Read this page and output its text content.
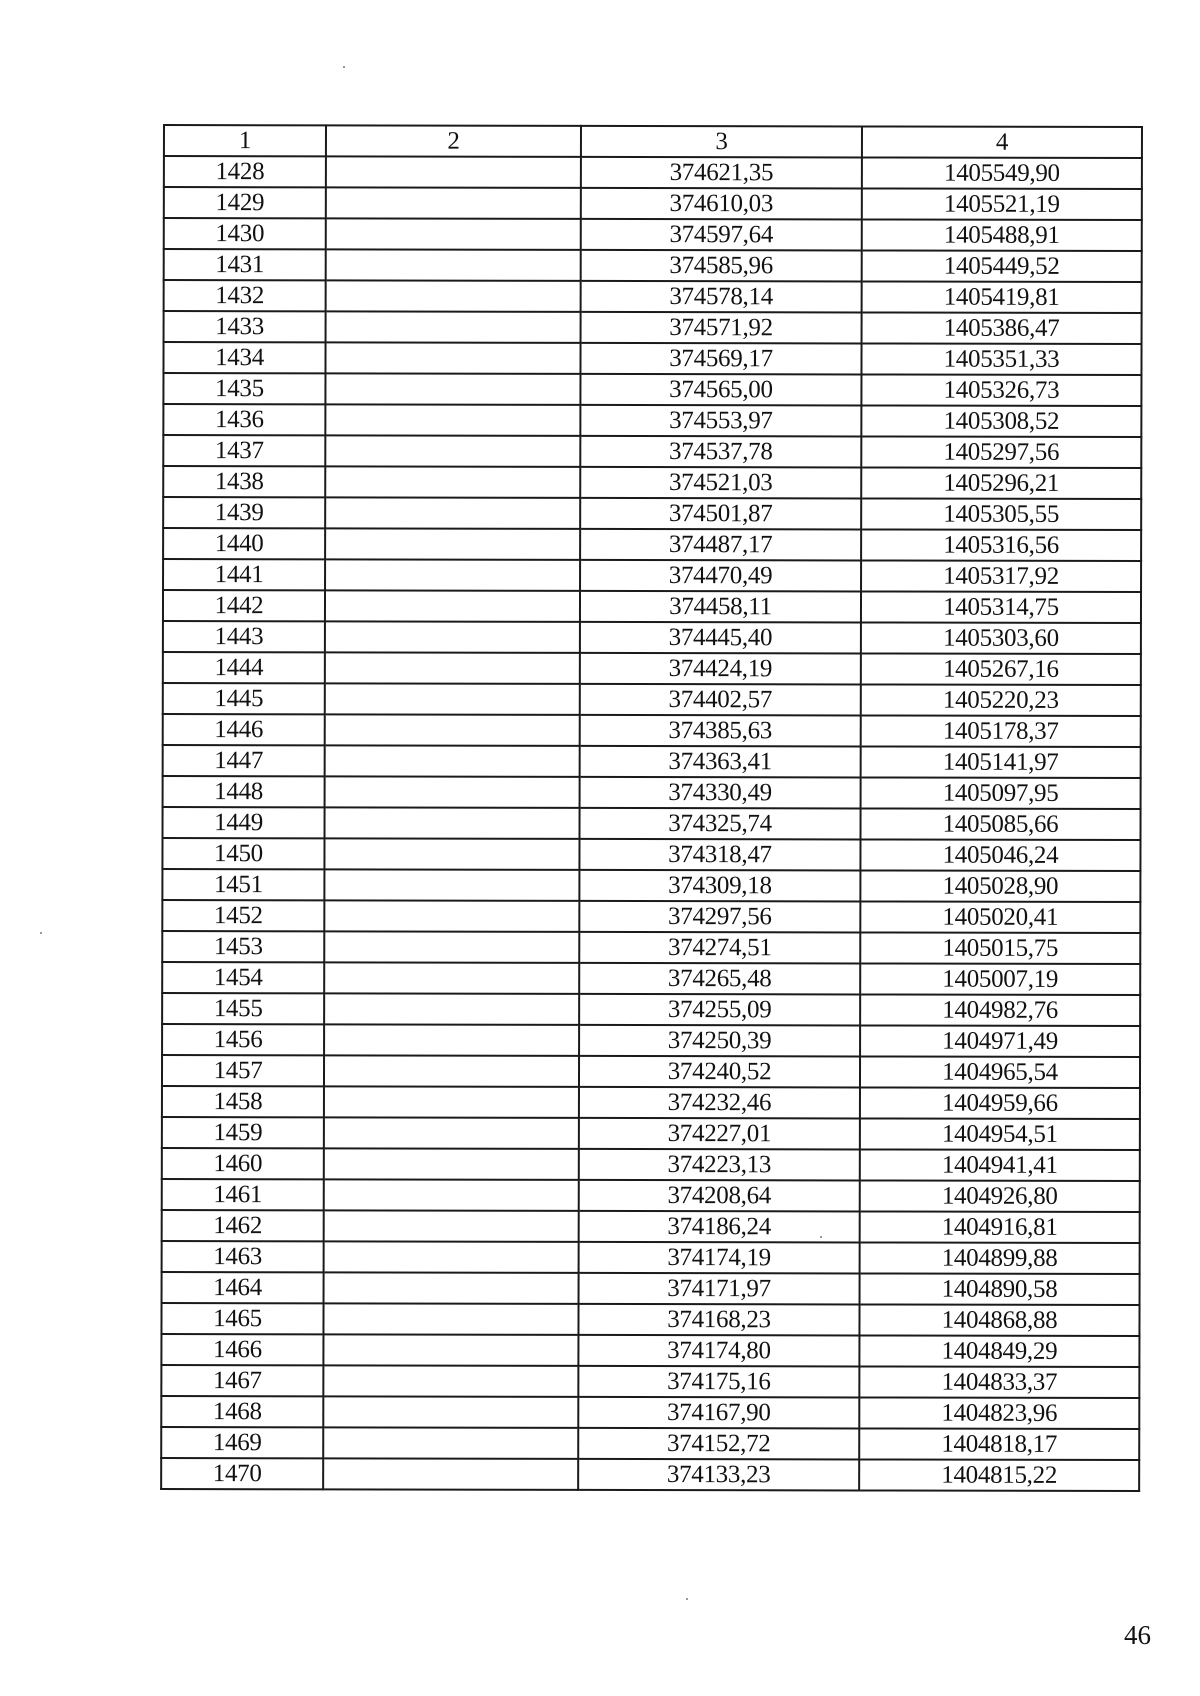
1	2	3	4
1428		374621,35	1405549,90
1429		374610,03	1405521,19
1430		374597,64	1405488,91
1431		374585,96	1405449,52
1432		374578,14	1405419,81
1433		374571,92	1405386,47
1434		374569,17	1405351,33
1435		374565,00	1405326,73
1436		374553,97	1405308,52
1437		374537,78	1405297,56
1438		374521,03	1405296,21
1439		374501,87	1405305,55
1440		374487,17	1405316,56
1441		374470,49	1405317,92
1442		374458,11	1405314,75
1443		374445,40	1405303,60
1444		374424,19	1405267,16
1445		374402,57	1405220,23
1446		374385,63	1405178,37
1447		374363,41	1405141,97
1448		374330,49	1405097,95
1449		374325,74	1405085,66
1450		374318,47	1405046,24
1451		374309,18	1405028,90
1452		374297,56	1405020,41
1453		374274,51	1405015,75
1454		374265,48	1405007,19
1455		374255,09	1404982,76
1456		374250,39	1404971,49
1457		374240,52	1404965,54
1458		374232,46	1404959,66
1459		374227,01	1404954,51
1460		374223,13	1404941,41
1461		374208,64	1404926,80
1462		374186,24	1404916,81
1463		374174,19	1404899,88
1464		374171,97	1404890,58
1465		374168,23	1404868,88
1466		374174,80	1404849,29
1467		374175,16	1404833,37
1468		374167,90	1404823,96
1469		374152,72	1404818,17
1470		374133,23	1404815,22
46
